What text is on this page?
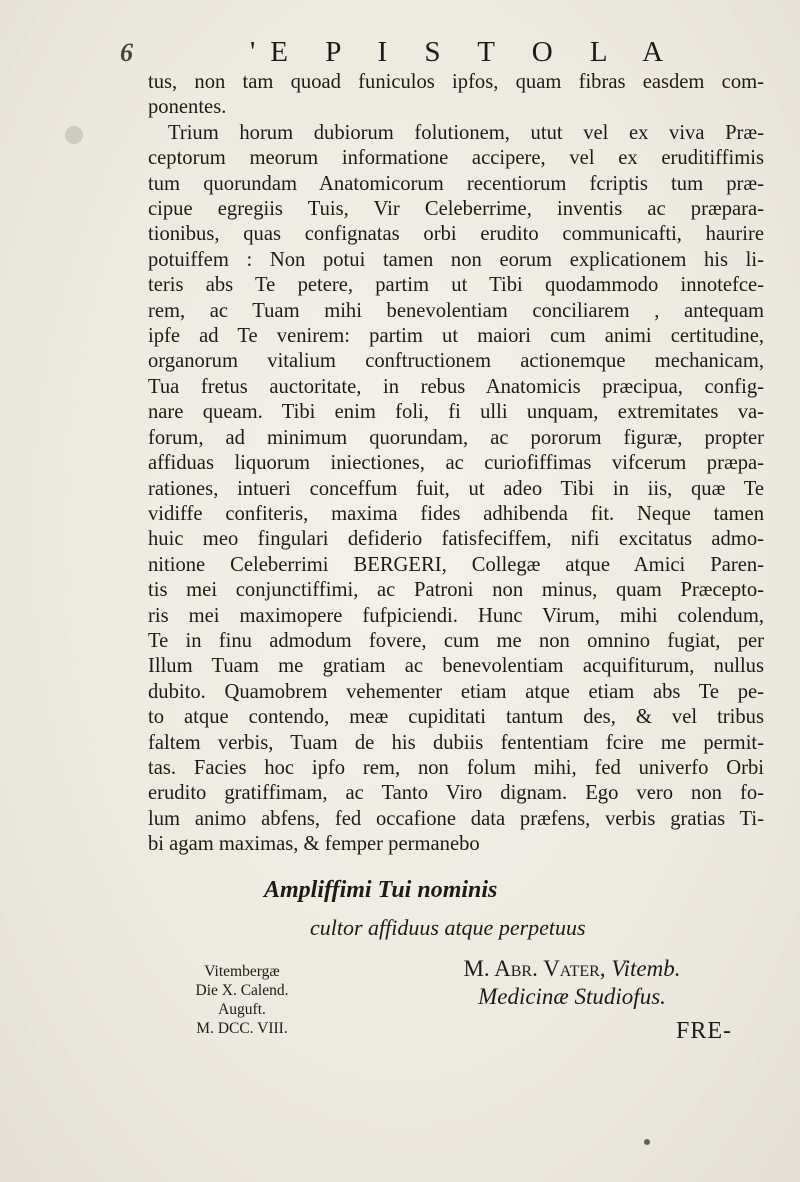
6	'E P I S T O L A
tus, non tam quoad funiculos ipfos, quam fibras easdem com-
ponentes.
Trium horum dubiorum folutionem, utut vel ex viva Præ-
ceptorum meorum informatione accipere, vel ex eruditiffimis
tum quorundam Anatomicorum recentiorum fcriptis tum præ-
cipue egregiis Tuis, Vir Celeberrime, inventis ac præpara-
tionibus, quas confignatas orbi erudito communicafti, haurire
potuiffem : Non potui tamen non eorum explicationem his li-
teris abs Te petere, partim ut Tibi quodammodo innotefce-
rem, ac Tuam mihi benevolentiam conciliarem , antequam
ipfe ad Te venirem: partim ut maiori cum animi certitudine,
organorum vitalium conftructionem actionemque mechanicam,
Tua fretus auctoritate, in rebus Anatomicis præcipua, config-
nare queam. Tibi enim foli, fi ulli unquam, extremitates va-
forum, ad minimum quorundam, ac pororum figuræ, propter
affiduas liquorum iniectiones, ac curiofiffimas vifcerum præpa-
rationes, intueri conceffum fuit, ut adeo Tibi in iis, quæ Te
vidiffe confiteris, maxima fides adhibenda fit. Neque tamen
huic meo fingulari defiderio fatisfeciffem, nifi excitatus admo-
nitione Celeberrimi BERGERI, Collegæ atque Amici Paren-
tis mei conjunctiffimi, ac Patroni non minus, quam Præcepto-
ris mei maximopere fufpiciendi. Hunc Virum, mihi colendum,
Te in finu admodum fovere, cum me non omnino fugiat, per
Illum Tuam me gratiam ac benevolentiam acquifiturum, nullus
dubito. Quamobrem vehementer etiam atque etiam abs Te pe-
to atque contendo, meæ cupiditati tantum des, & vel tribus
faltem verbis, Tuam de his dubiis fententiam fcire me permit-
tas. Facies hoc ipfo rem, non folum mihi, fed univerfo Orbi
erudito gratiffimam, ac Tanto Viro dignam. Ego vero non fo-
lum animo abfens, fed occafione data præfens, verbis gratias Ti-
bi agam maximas, & femper permanebo
Ampliffimi Tui nominis
cultor affiduus atque perpetuus
Vitembergæ
Die X. Calend. Auguft.
M. DCC. VIII.
M. Abr. Vater, Vitemb.
Medicinæ Studiofus.
FRE-
